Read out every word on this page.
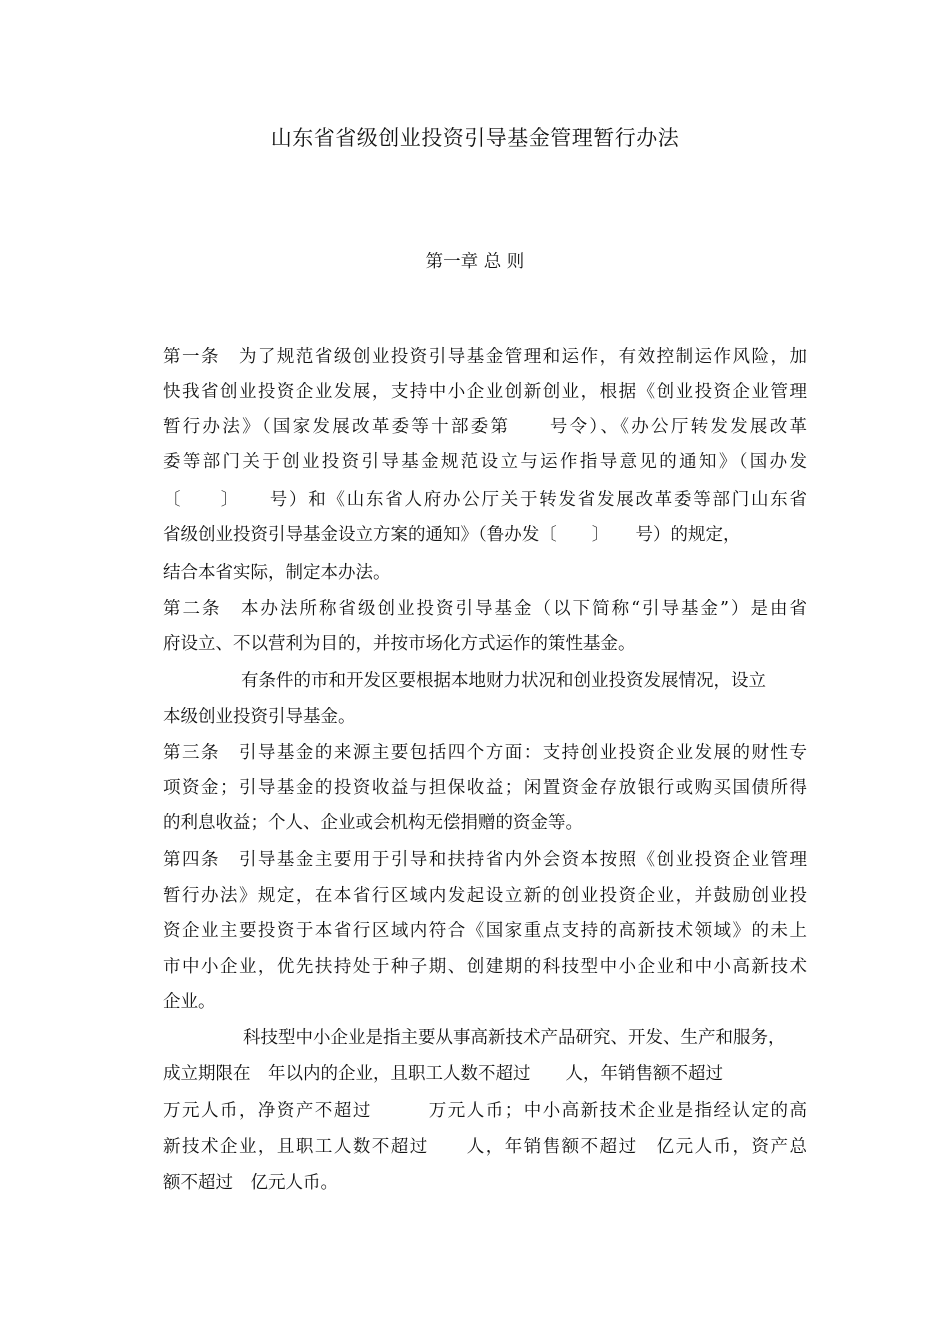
山东省省级创业投资引导基金管理暂行办法
第一章 总 则
第一条　为了规范省级创业投资引导基金管理和运作，有效控制运作风险，加
快我省创业投资企业发展，支持中小企业创新创业，根据《创业投资企业管理
暂行办法》（国家发展改革委等十部委第　　号令）、《办公厅转发发展改革
委等部门关于创业投资引导基金规范设立与运作指导意见的通知》（国办发
〔　　〕　　号）和《山东省人府办公厅关于转发省发展改革委等部门山东省
省级创业投资引导基金设立方案的通知》（鲁办发〔　　〕　　号）的规定，
结合本省实际，制定本办法。
第二条　本办法所称省级创业投资引导基金（以下简称“引导基金”）是由省
府设立、不以营利为目的，并按市场化方式运作的策性基金。
有条件的市和开发区要根据本地财力状况和创业投资发展情况，设立
本级创业投资引导基金。
第三条　引导基金的来源主要包括四个方面：支持创业投资企业发展的财性专
项资金；引导基金的投资收益与担保收益；闲置资金存放银行或购买国债所得
的利息收益；个人、企业或会机构无偿捐赠的资金等。
第四条　引导基金主要用于引导和扶持省内外会资本按照《创业投资企业管理
暂行办法》规定，在本省行区域内发起设立新的创业投资企业，并鼓励创业投
资企业主要投资于本省行区域内符合《国家重点支持的高新技术领域》的未上
市中小企业，优先扶持处于种子期、创建期的科技型中小企业和中小高新技术
企业。
科技型中小企业是指主要从事高新技术产品研究、开发、生产和服务，
成立期限在　年以内的企业，且职工人数不超过　　人，年销售额不超过
万元人币，净资产不超过　　　万元人币；中小高新技术企业是指经认定的高
新技术企业，且职工人数不超过　　人，年销售额不超过　亿元人币，资产总
额不超过　亿元人币。
